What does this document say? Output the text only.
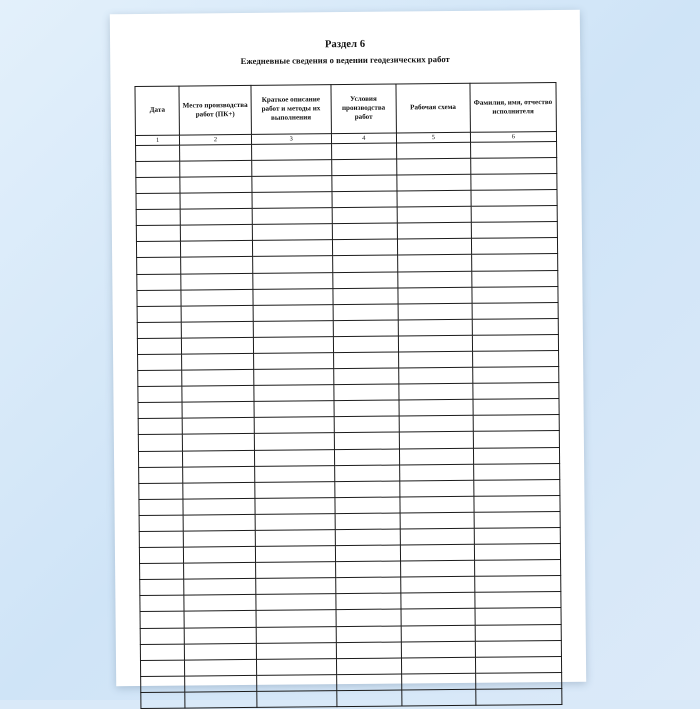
Раздел 6
Ежедневные сведения о ведении геодезических работ
Дата	Место производства работ (ПК+)	Краткое описание работ и методы их выполнения	Условия производства работ	Рабочая схема	Фамилия, имя, отчество исполнителя
1	2	3	4	5	6
